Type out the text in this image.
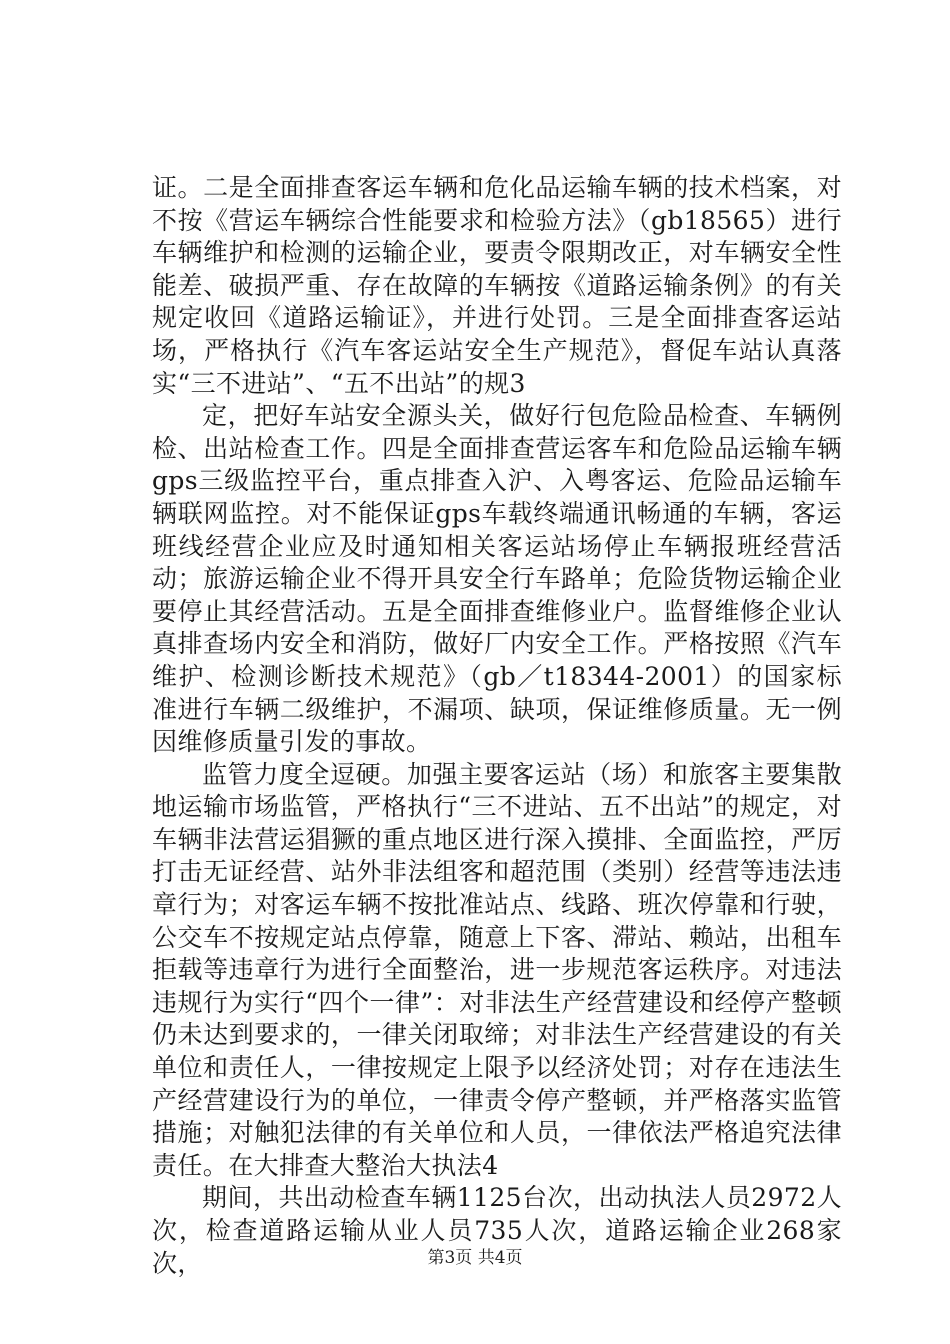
证。二是全面排查客运车辆和危化品运输车辆的技术档案，对不按《营运车辆综合性能要求和检验方法》（gb18565）进行车辆维护和检测的运输企业，要责令限期改正，对车辆安全性能差、破损严重、存在故障的车辆按《道路运输条例》的有关规定收回《道路运输证》，并进行处罚。三是全面排查客运站场，严格执行《汽车客运站安全生产规范》，督促车站认真落实“三不进站”、“五不出站”的规3

定，把好车站安全源头关，做好行包危险品检查、车辆例检、出站检查工作。四是全面排查营运客车和危险品运输车辆gps三级监控平台，重点排查入沪、入粤客运、危险品运输车辆联网监控。对不能保证gps车载终端通讯畅通的车辆，客运班线经营企业应及时通知相关客运站场停止车辆报班经营活动；旅游运输企业不得开具安全行车路单；危险货物运输企业要停止其经营活动。五是全面排查维修业户。监督维修企业认真排查场内安全和消防，做好厂内安全工作。严格按照《汽车维护、检测诊断技术规范》（gb／t18344-2001）的国家标准进行车辆二级维护，不漏项、缺项，保证维修质量。无一例因维修质量引发的事故。

监管力度全逗硬。加强主要客运站（场）和旅客主要集散地运输市场监管，严格执行“三不进站、五不出站”的规定，对车辆非法营运猖獗的重点地区进行深入摸排、全面监控，严厉打击无证经营、站外非法组客和超范围（类别）经营等违法违章行为；对客运车辆不按批准站点、线路、班次停靠和行驶，公交车不按规定站点停靠，随意上下客、滞站、赖站，出租车拒载等违章行为进行全面整治，进一步规范客运秩序。对违法违规行为实行“四个一律”：对非法生产经营建设和经停产整顿仍未达到要求的，一律关闭取缔；对非法生产经营建设的有关单位和责任人，一律按规定上限予以经济处罚；对存在违法生产经营建设行为的单位，一律责令停产整顿，并严格落实监管措施；对触犯法律的有关单位和人员，一律依法严格追究法律责任。在大排查大整治大执法4

期间，共出动检查车辆1125台次，出动执法人员2972人次，检查道路运输从业人员735人次，道路运输企业268家次，	第3页 共4页
